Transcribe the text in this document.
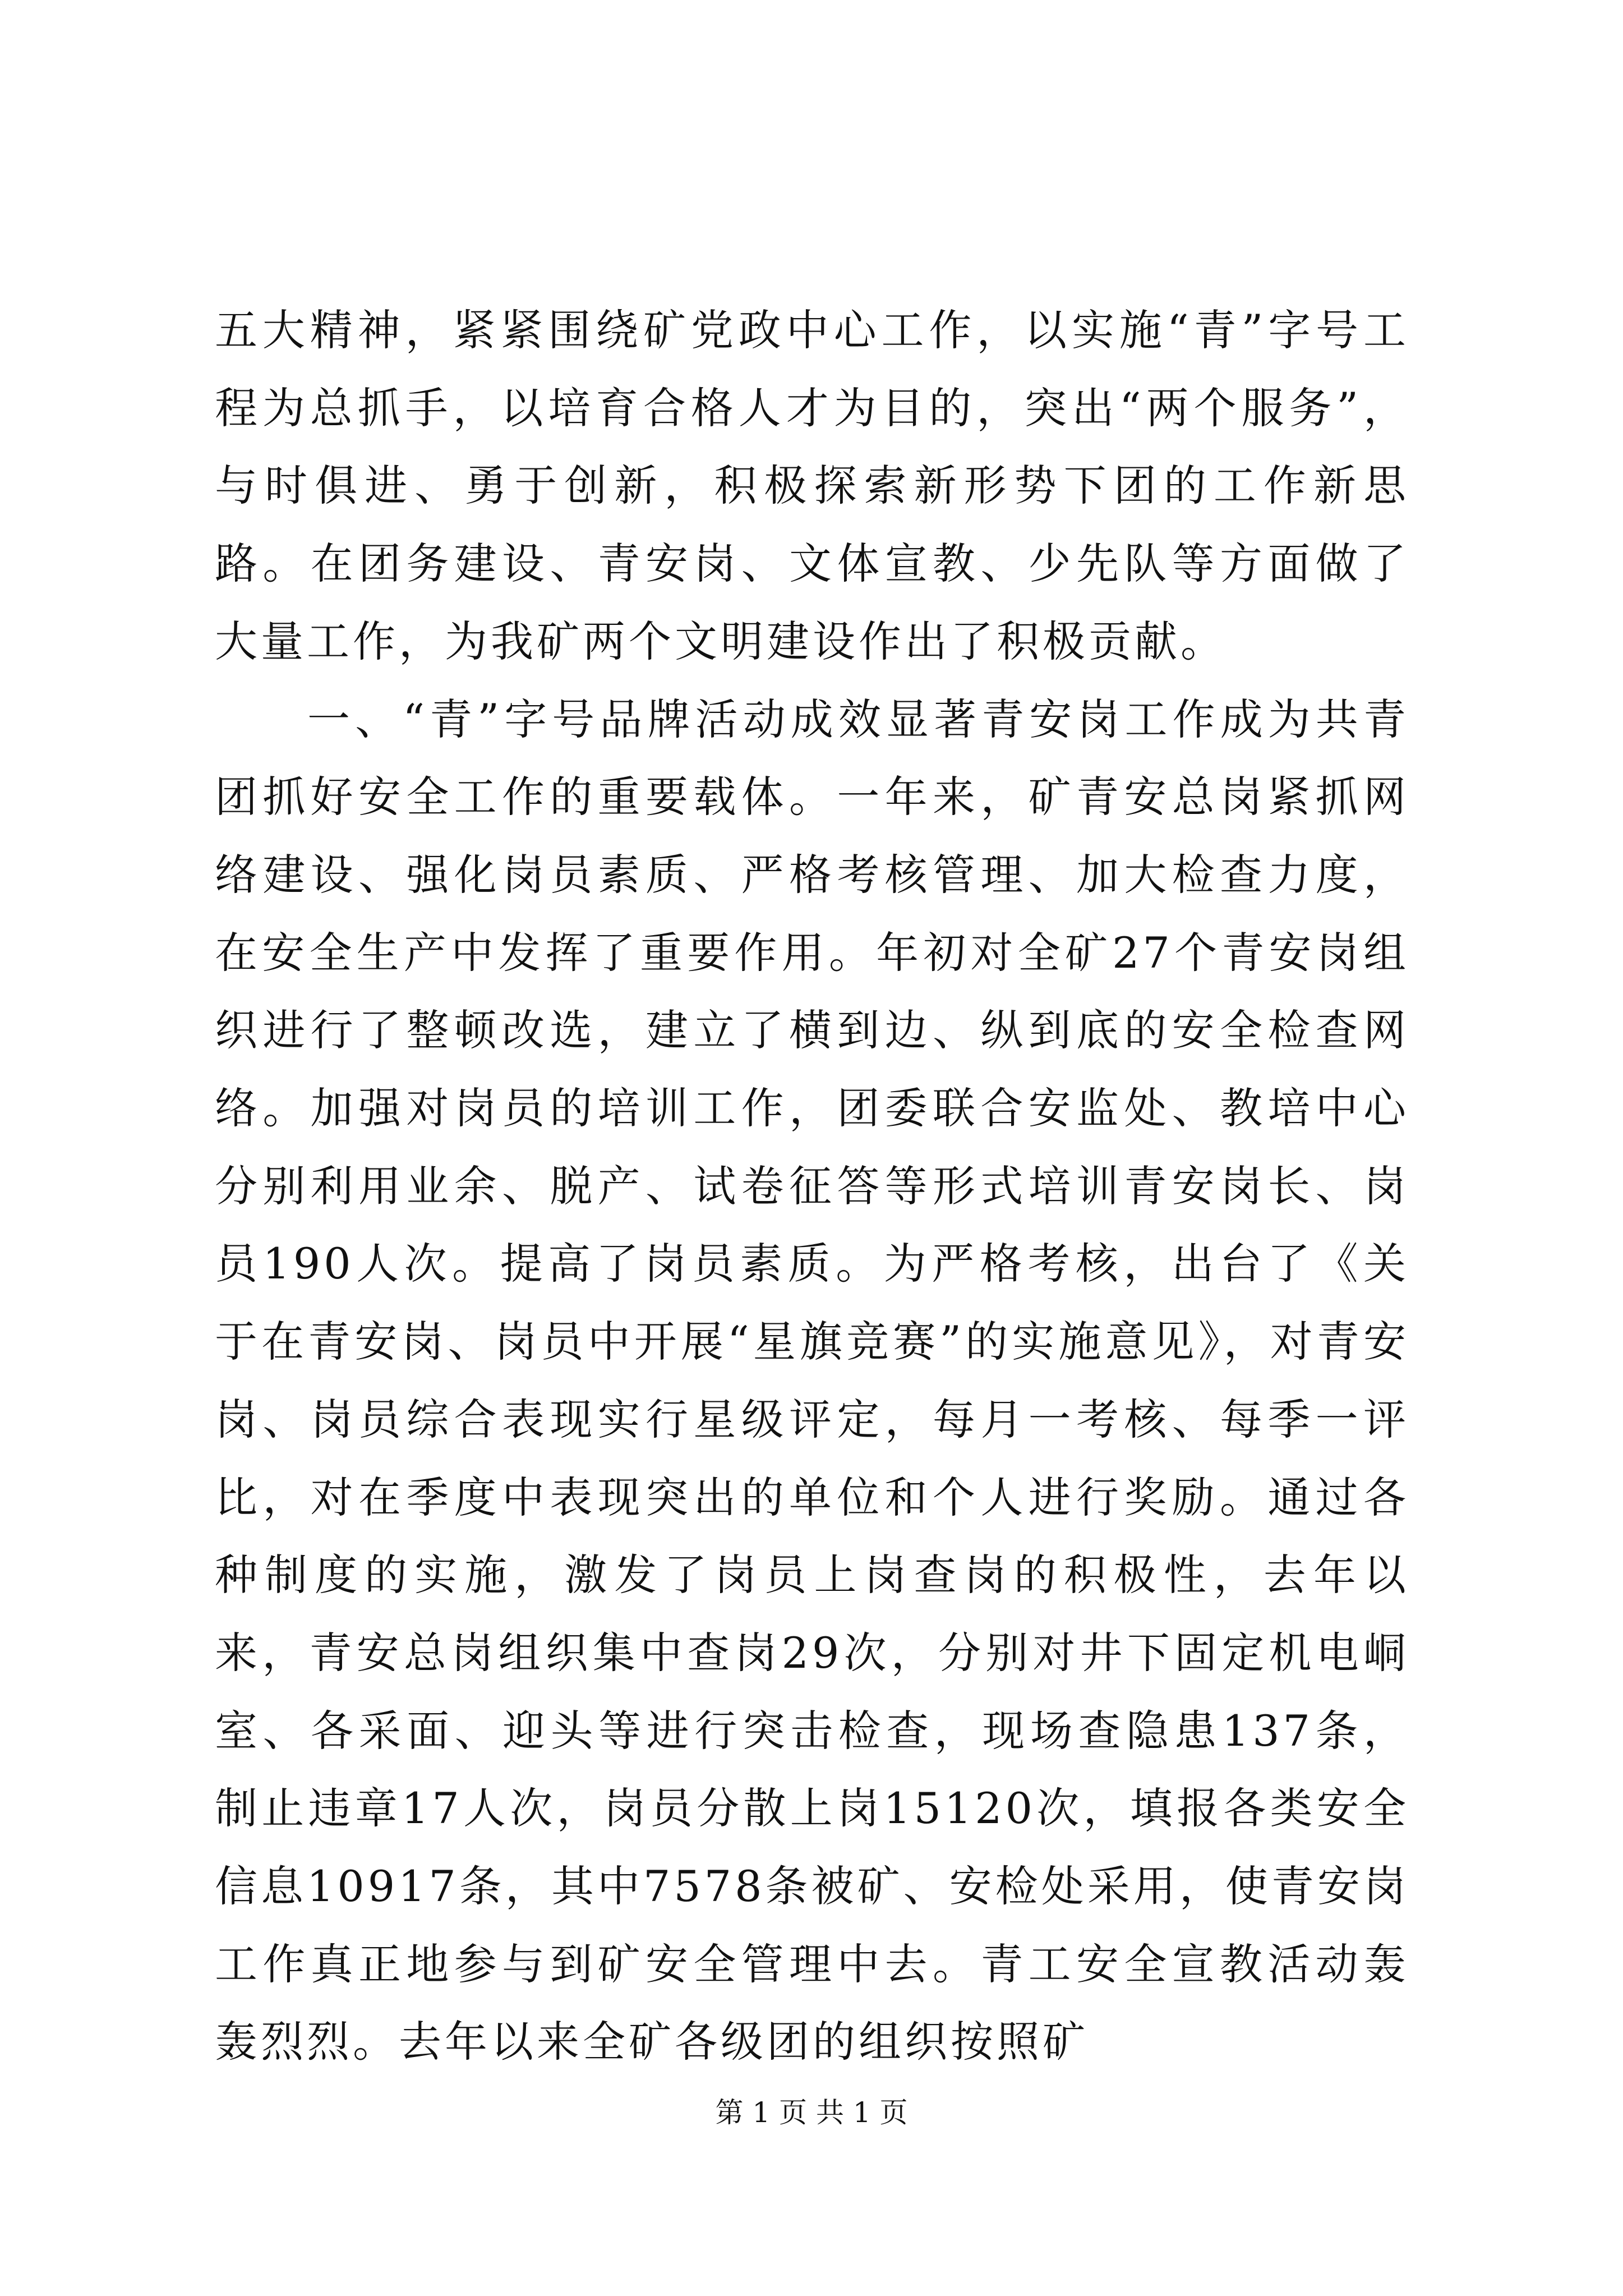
五大精神，紧紧围绕矿党政中心工作，以实施“青”字号工程为总抓手，以培育合格人才为目的，突出“两个服务”，与时俱进、勇于创新，积极探索新形势下团的工作新思路。在团务建设、青安岗、文体宣教、少先队等方面做了大量工作，为我矿两个文明建设作出了积极贡献。

一、“青”字号品牌活动成效显著青安岗工作成为共青团抓好安全工作的重要载体。一年来，矿青安总岗紧抓网络建设、强化岗员素质、严格考核管理、加大检查力度，在安全生产中发挥了重要作用。年初对全矿27个青安岗组织进行了整顿改选，建立了横到边、纵到底的安全检查网络。加强对岗员的培训工作，团委联合安监处、教培中心分别利用业余、脱产、试卷征答等形式培训青安岗长、岗员190人次。提高了岗员素质。为严格考核，出台了《关于在青安岗、岗员中开展“星旗竞赛”的实施意见》，对青安岗、岗员综合表现实行星级评定，每月一考核、每季一评比，对在季度中表现突出的单位和个人进行奖励。通过各种制度的实施，激发了岗员上岗查岗的积极性，去年以来，青安总岗组织集中查岗29次，分别对井下固定机电峒室、各采面、迎头等进行突击检查，现场查隐患137条，制止违章17人次，岗员分散上岗15120次，填报各类安全信息10917条，其中7578条被矿、安检处采用，使青安岗工作真正地参与到矿安全管理中去。青工安全宣教活动轰轰烈烈。去年以来全矿各级团的组织按照矿

第 1 页 共 1 页
